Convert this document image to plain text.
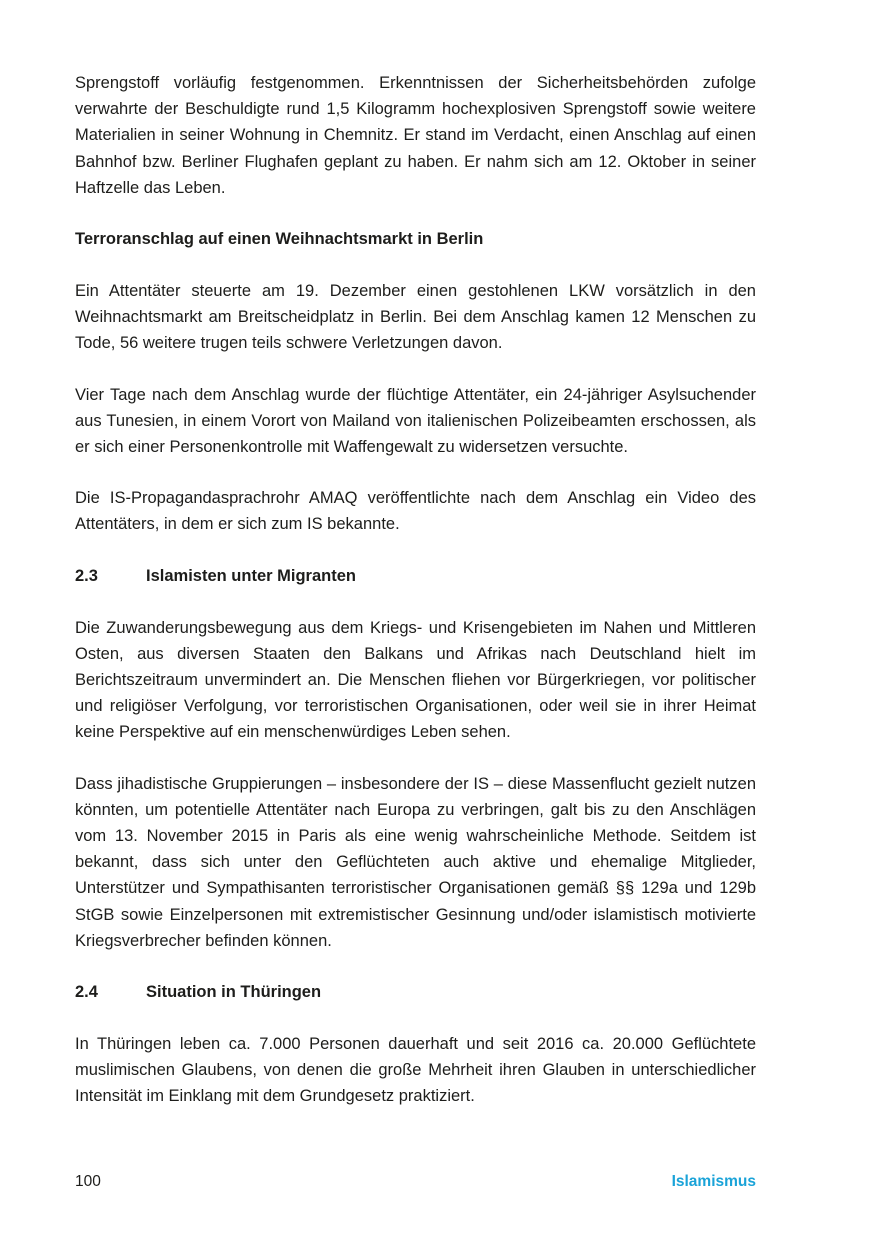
Sprengstoff vorläufig festgenommen. Erkenntnissen der Sicherheitsbehörden zufolge verwahrte der Beschuldigte rund 1,5 Kilogramm hochexplosiven Sprengstoff sowie weitere Materialien in seiner Wohnung in Chemnitz. Er stand im Verdacht, einen Anschlag auf einen Bahnhof bzw. Berliner Flughafen geplant zu haben. Er nahm sich am 12. Oktober in seiner Haftzelle das Leben.

Terroranschlag auf einen Weihnachtsmarkt in Berlin

Ein Attentäter steuerte am 19. Dezember einen gestohlenen LKW vorsätzlich in den Weihnachtsmarkt am Breitscheidplatz in Berlin. Bei dem Anschlag kamen 12 Menschen zu Tode, 56 weitere trugen teils schwere Verletzungen davon.

Vier Tage nach dem Anschlag wurde der flüchtige Attentäter, ein 24-jähriger Asylsuchender aus Tunesien, in einem Vorort von Mailand von italienischen Polizeibeamten erschossen, als er sich einer Personenkontrolle mit Waffengewalt zu widersetzen versuchte.

Die IS-Propagandasprachrohr AMAQ veröffentlichte nach dem Anschlag ein Video des Attentäters, in dem er sich zum IS bekannte.

2.3	Islamisten unter Migranten

Die Zuwanderungsbewegung aus dem Kriegs- und Krisengebieten im Nahen und Mittleren Osten, aus diversen Staaten den Balkans und Afrikas nach Deutschland hielt im Berichtszeitraum unvermindert an. Die Menschen fliehen vor Bürgerkriegen, vor politischer und religiöser Verfolgung, vor terroristischen Organisationen, oder weil sie in ihrer Heimat keine Perspektive auf ein menschenwürdiges Leben sehen.

Dass jihadistische Gruppierungen – insbesondere der IS – diese Massenflucht gezielt nutzen könnten, um potentielle Attentäter nach Europa zu verbringen, galt bis zu den Anschlägen vom 13. November 2015 in Paris als eine wenig wahrscheinliche Methode. Seitdem ist bekannt, dass sich unter den Geflüchteten auch aktive und ehemalige Mitglieder, Unterstützer und Sympathisanten terroristischer Organisationen gemäß §§ 129a und 129b StGB sowie Einzelpersonen mit extremistischer Gesinnung und/oder islamistisch motivierte Kriegsverbrecher befinden können.

2.4	Situation in Thüringen

In Thüringen leben ca. 7.000 Personen dauerhaft und seit 2016 ca. 20.000 Geflüchtete muslimischen Glaubens, von denen die große Mehrheit ihren Glauben in unterschiedlicher Intensität im Einklang mit dem Grundgesetz praktiziert.

100	Islamismus
